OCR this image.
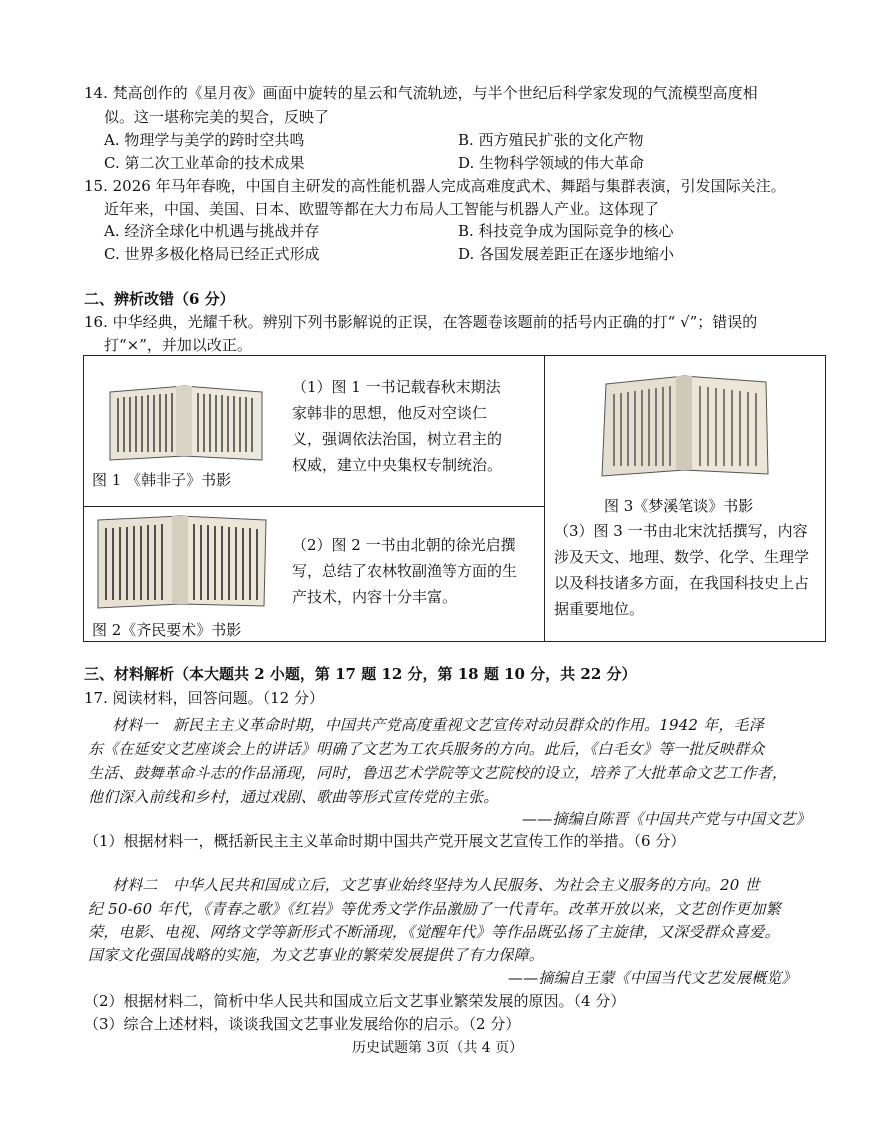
14. 梵高创作的《星月夜》画面中旋转的星云和气流轨迹，与半个世纪后科学家发现的气流模型高度相
似。这一堪称完美的契合，反映了
A. 物理学与美学的跨时空共鸣	B. 西方殖民扩张的文化产物
C. 第二次工业革命的技术成果	D. 生物科学领域的伟大革命
15. 2026 年马年春晚，中国自主研发的高性能机器人完成高难度武术、舞蹈与集群表演，引发国际关注。
近年来，中国、美国、日本、欧盟等都在大力布局人工智能与机器人产业。这体现了
A. 经济全球化中机遇与挑战并存	B. 科技竞争成为国际竞争的核心
C. 世界多极化格局已经正式形成	D. 各国发展差距正在逐步地缩小
二、辨析改错（6 分）
16. 中华经典，光耀千秋。辨别下列书影解说的正误，在答题卷该题前的括号内正确的打“ √”；错误的
打“×”，并加以改正。
图 1 《韩非子》书影
（1）图 1 一书记载春秋末期法家韩非的思想，他反对空谈仁义，强调依法治国，树立君主的权威，建立中央集权专制统治。
图 2《齐民要术》书影
（2）图 2 一书由北朝的徐光启撰写，总结了农林牧副渔等方面的生产技术，内容十分丰富。
图 3《梦溪笔谈》书影
（3）图 3 一书由北宋沈括撰写，内容涉及天文、地理、数学、化学、生理学以及科技诸多方面，在我国科技史上占据重要地位。
三、材料解析（本大题共 2 小题，第 17 题 12 分，第 18 题 10 分，共 22 分）
17. 阅读材料，回答问题。（12 分）
材料一　新民主主义革命时期，中国共产党高度重视文艺宣传对动员群众的作用。1942 年，毛泽
东《在延安文艺座谈会上的讲话》明确了文艺为工农兵服务的方向。此后，《白毛女》等一批反映群众
生活、鼓舞革命斗志的作品涌现，同时，鲁迅艺术学院等文艺院校的设立，培养了大批革命文艺工作者，
他们深入前线和乡村，通过戏剧、歌曲等形式宣传党的主张。
——摘编自陈晋《中国共产党与中国文艺》
（1）根据材料一，概括新民主主义革命时期中国共产党开展文艺宣传工作的举措。（6 分）
材料二　中华人民共和国成立后，文艺事业始终坚持为人民服务、为社会主义服务的方向。20 世
纪 50-60 年代，《青春之歌》《红岩》等优秀文学作品激励了一代青年。改革开放以来，文艺创作更加繁
荣，电影、电视、网络文学等新形式不断涌现，《觉醒年代》等作品既弘扬了主旋律，又深受群众喜爱。
国家文化强国战略的实施，为文艺事业的繁荣发展提供了有力保障。
——摘编自王蒙《中国当代文艺发展概览》
（2）根据材料二，简析中华人民共和国成立后文艺事业繁荣发展的原因。（4 分）
（3）综合上述材料，谈谈我国文艺事业发展给你的启示。（2 分）
历史试题第 3页（共 4 页）
